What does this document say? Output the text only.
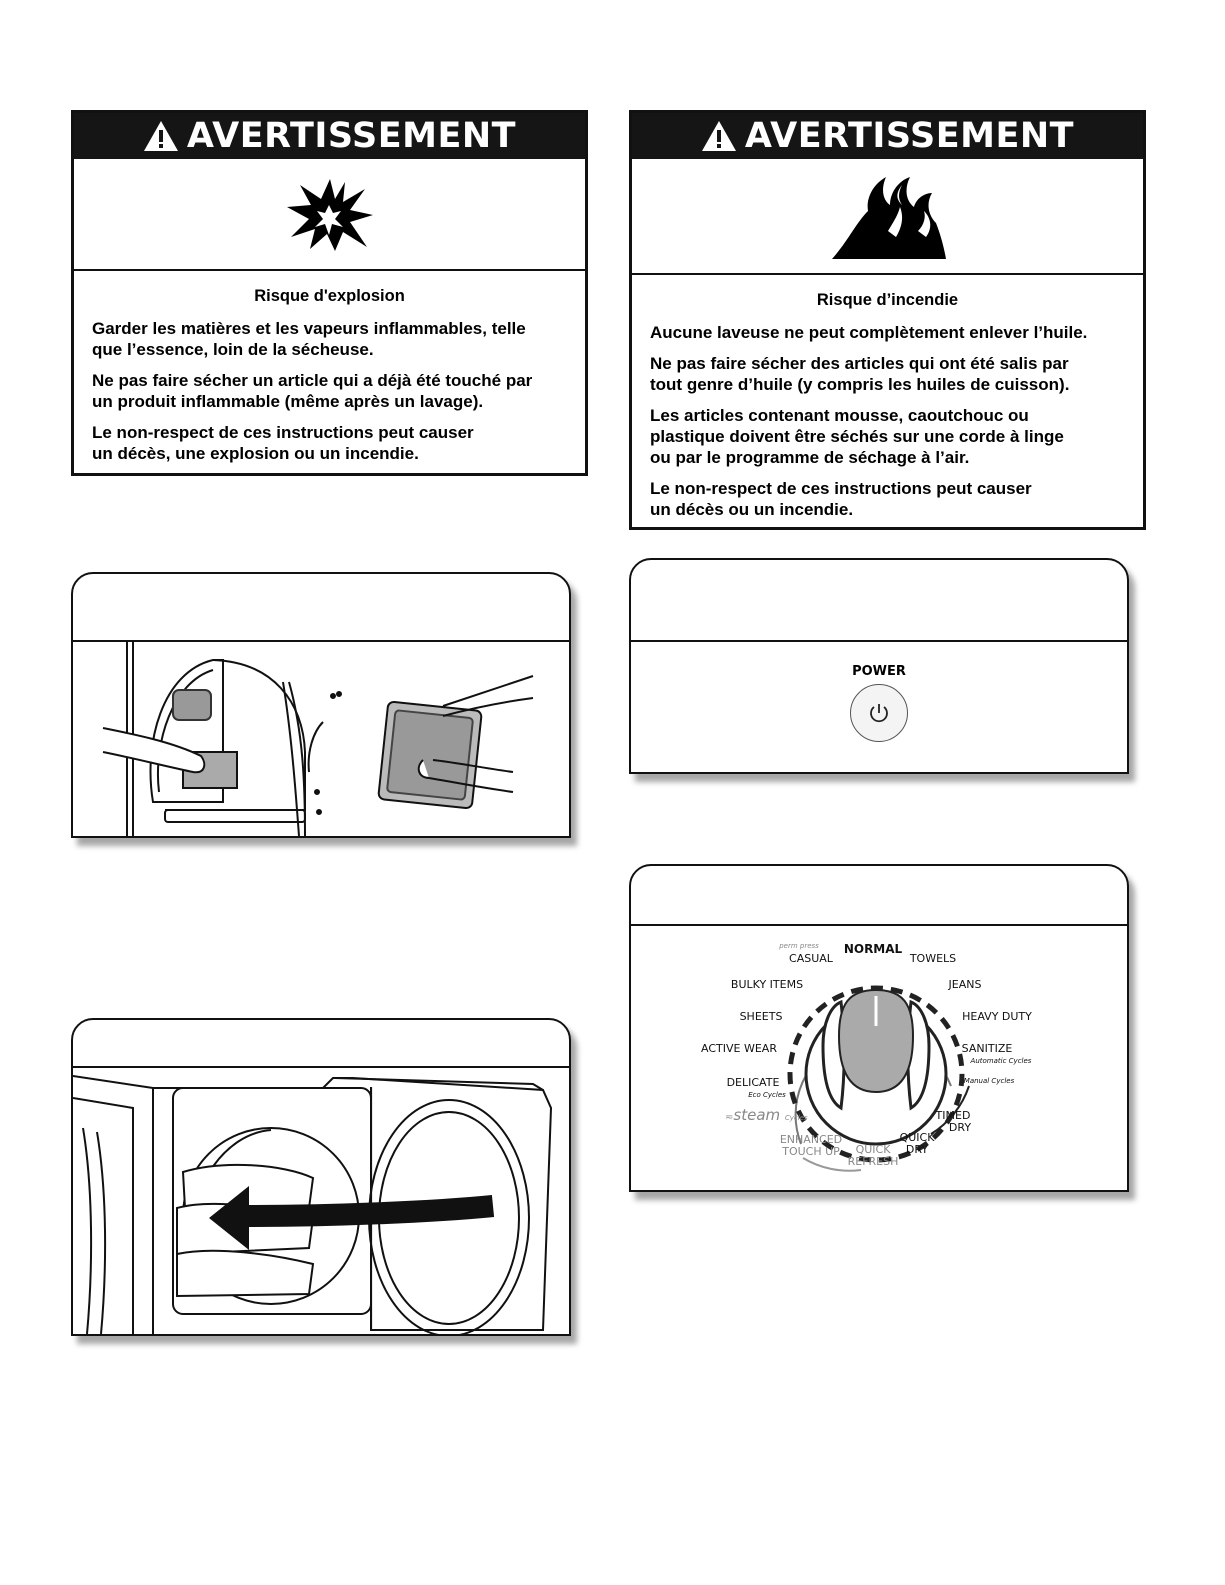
AVERTISSEMENT

Risque d'explosion

Garder les matières et les vapeurs inflammables, telle
que l’essence, loin de la sécheuse.

Ne pas faire sécher un article qui a déjà été touché par
un produit inflammable (même après un lavage).

Le non-respect de ces instructions peut causer
un décès, une explosion ou un incendie.

AVERTISSEMENT

Risque d’incendie

Aucune laveuse ne peut complètement enlever l’huile.

Ne pas faire sécher des articles qui ont été salis par
tout genre d’huile (y compris les huiles de cuisson).

Les articles contenant mousse, caoutchouc ou
plastique doivent être séchés sur une corde à linge
ou par le programme de séchage à l’air.

Le non-respect de ces instructions peut causer
un décès ou un incendie.

POWER
perm press
CASUAL
NORMAL
TOWELS
BULKY ITEMS	JEANS
SHEETS	HEAVY DUTY
ACTIVE WEAR	SANITIZE
Automatic Cycles
DELICATE	Manual Cycles
Eco Cycles
≂steam Cycles	TIMED
DRY
QUICK
DRY
ENHANCED
TOUCH UP	QUICK
REFRESH
